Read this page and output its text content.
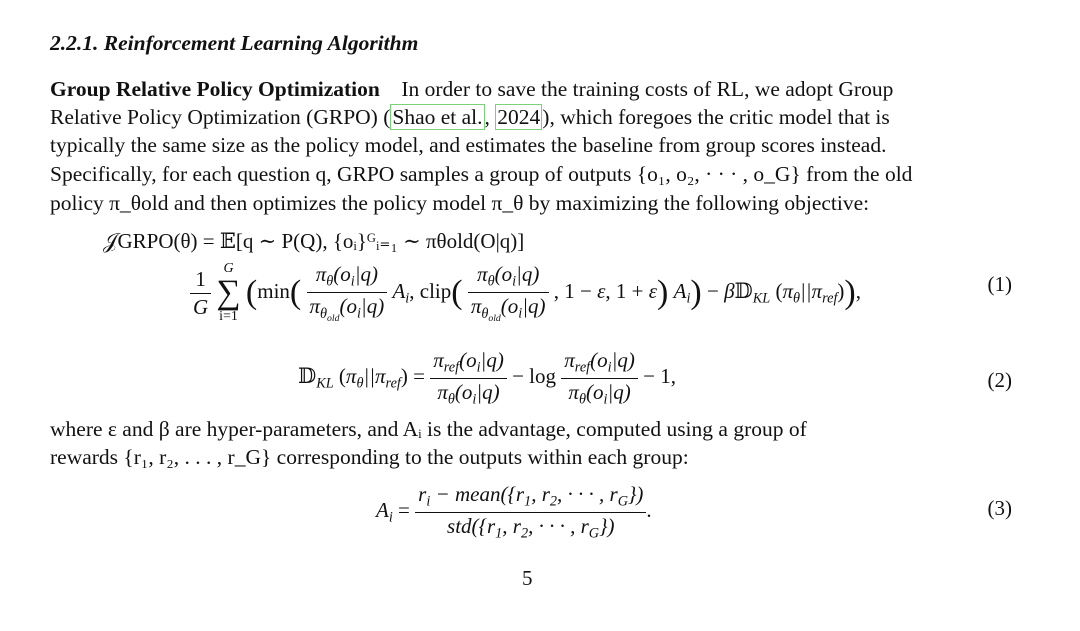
2.2.1. Reinforcement Learning Algorithm
Group Relative Policy Optimization In order to save the training costs of RL, we adopt Group
Relative Policy Optimization (GRPO) (Shao et al., 2024), which foregoes the critic model that is
typically the same size as the policy model, and estimates the baseline from group scores instead.
Specifically, for each question q, GRPO samples a group of outputs {o₁, o₂, · · · , o_G} from the old
policy π_θold and then optimizes the policy model π_θ by maximizing the following objective:
𝒥GRPO(θ) = 𝔼[q ∼ P(Q), {oᵢ}ᴳᵢ₌₁ ∼ πθold(O|q)]
$\frac{1}{G}$
G
∑
i=1
($\min( \frac{\pi_\theta(o_i|q)}{\pi_{\theta_{old}}(o_i|q)} A_i$, clip( $\frac{\pi_\theta(o_i|q)}{\pi_{\theta_{old}}(o_i|q)}$ , 1 − ε, 1 + ε) $A_i$) − β𝔻$_{KL}$ $(\pi_\theta||\pi_{ref})$),	(1)
𝔻$_{KL}$ $(\pi_\theta||\pi_{ref}) = \frac{\pi_{ref}(o_i|q)}{\pi_\theta(o_i|q)} - \log \frac{\pi_{ref}(o_i|q)}{\pi_\theta(o_i|q)} - 1$,	(2)
where ε and β are hyper-parameters, and Aᵢ is the advantage, computed using a group of
rewards {r₁, r₂, . . . , r_G} corresponding to the outputs within each group:
$A_i = \frac{r_i - mean(\{r_1, r_2, \cdot \cdot \cdot , r_G\})}{std(\{r_1, r_2, \cdot \cdot \cdot , r_G\})}$ .	(3)
5
